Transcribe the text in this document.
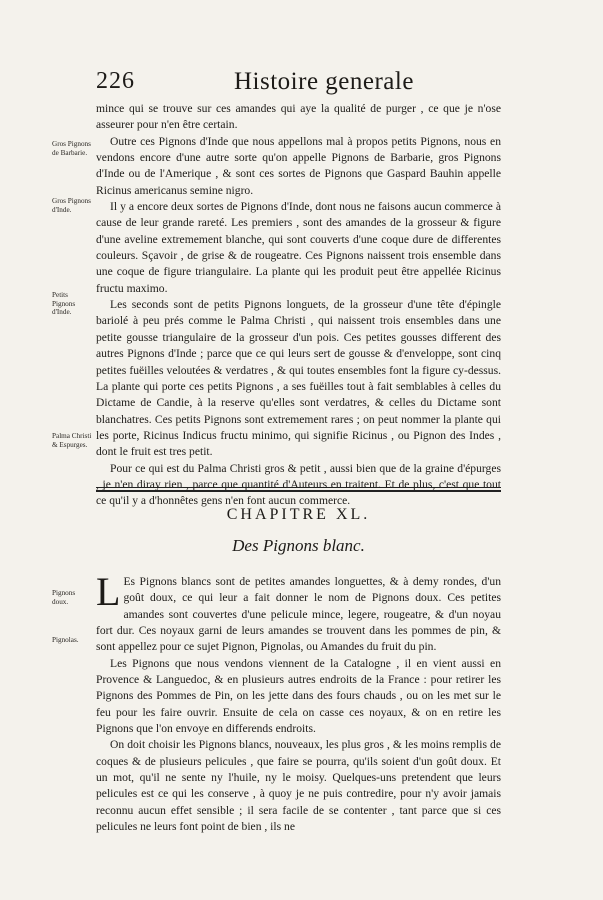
226	Histoire generale

mince qui se trouve sur ces amandes qui aye la qualité de purger , ce que je n'ose asseurer pour n'en être certain.

Outre ces Pignons d'Inde que nous appellons mal à propos petits Pignons, nous en vendons encore d'une autre sorte qu'on appelle Pignons de Barbarie, gros Pignons d'Inde ou de l'Amerique , & sont ces sortes de Pignons que Gaspard Bauhin appelle Ricinus americanus semine nigro.

Il y a encore deux sortes de Pignons d'Inde, dont nous ne faisons aucun commerce à cause de leur grande rareté. Les premiers , sont des amandes de la grosseur & figure d'une aveline extremement blanche, qui sont couverts d'une coque dure de differentes couleurs. Sçavoir , de grise & de rougeatre. Ces Pignons naissent trois ensemble dans une coque de figure triangulaire. La plante qui les produit peut être appellée Ricinus fructu maximo.

Les seconds sont de petits Pignons longuets, de la grosseur d'une tête d'épingle bariolé à peu prés comme le Palma Christi , qui naissent trois ensembles dans une petite gousse triangulaire de la grosseur d'un pois. Ces petites gousses different des autres Pignons d'Inde ; parce que ce qui leurs sert de gousse & d'enveloppe, sont cinq petites fuëilles veloutées & verdatres , & qui toutes ensembles font la figure cy-dessus. La plante qui porte ces petits Pignons , a ses fuëilles tout à fait semblables à celles du Dictame de Candie, à la reserve qu'elles sont verdatres, & celles du Dictame sont blanchatres. Ces petits Pignons sont extremement rares ; on peut nommer la plante qui les porte, Ricinus Indicus fructu minimo, qui signifie Ricinus , ou Pignon des Indes , dont le fruit est tres petit.

Pour ce qui est du Palma Christi gros & petit , aussi bien que de la graine d'épurges , je n'en diray rien , parce que quantité d'Auteurs en traitent. Et de plus, c'est que tout ce qu'il y a d'honnêtes gens n'en font aucun commerce.

Gros Pignons de Barbarie.
Gros Pignons d'Inde.
Petits Pignons d'Inde.
Palma Christi & Espurges.
Pignons doux.
Pignolas.
CHAPITRE XL.
Des Pignons blanc.
L Es Pignons blancs sont de petites amandes longuettes, & à demy rondes, d'un goût doux, ce qui leur a fait donner le nom de Pignons doux. Ces petites amandes sont couvertes d'une pelicule mince, legere, rougeatre, & d'un noyau fort dur. Ces noyaux garni de leurs amandes se trouvent dans les pommes de pin, & sont appellez pour ce sujet Pignon, Pignolas, ou Amandes du fruit du pin.

Les Pignons que nous vendons viennent de la Catalogne , il en vient aussi en Provence & Languedoc, & en plusieurs autres endroits de la France : pour retirer les Pignons des Pommes de Pin, on les jette dans des fours chauds , ou on les met sur le feu pour les faire ouvrir. Ensuite de cela on casse ces noyaux, & on en retire les Pignons que l'on envoye en differends endroits.

On doit choisir les Pignons blancs, nouveaux, les plus gros , & les moins remplis de coques & de plusieurs pelicules , que faire se pourra, qu'ils soient d'un goût doux. Et un mot, qu'il ne sente ny l'huile, ny le moisy. Quelques-uns pretendent que leurs pelicules est ce qui les conserve , à quoy je ne puis contredire, pour n'y avoir jamais reconnu aucun effet sensible ; il sera facile de se contenter , tant parce que si ces pelicules ne leurs font point de bien , ils ne
